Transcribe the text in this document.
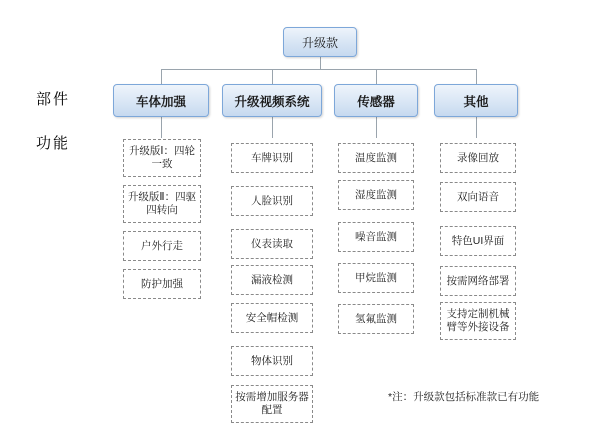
部件
功能
升级款
车体加强	升级视频系统	传感器	其他
升级版Ⅰ：四轮一致
升级版Ⅱ：四驱四转向
户外行走
防护加强
车牌识别
人脸识别
仪表读取
漏液检测
安全帽检测
物体识别
按需增加服务器配置
温度监测
湿度监测
噪音监测
甲烷监测
氢氟监测
录像回放
双向语音
特色UI界面
按需网络部署
支持定制机械臂等外接设备
*注：升级款包括标准款已有功能
